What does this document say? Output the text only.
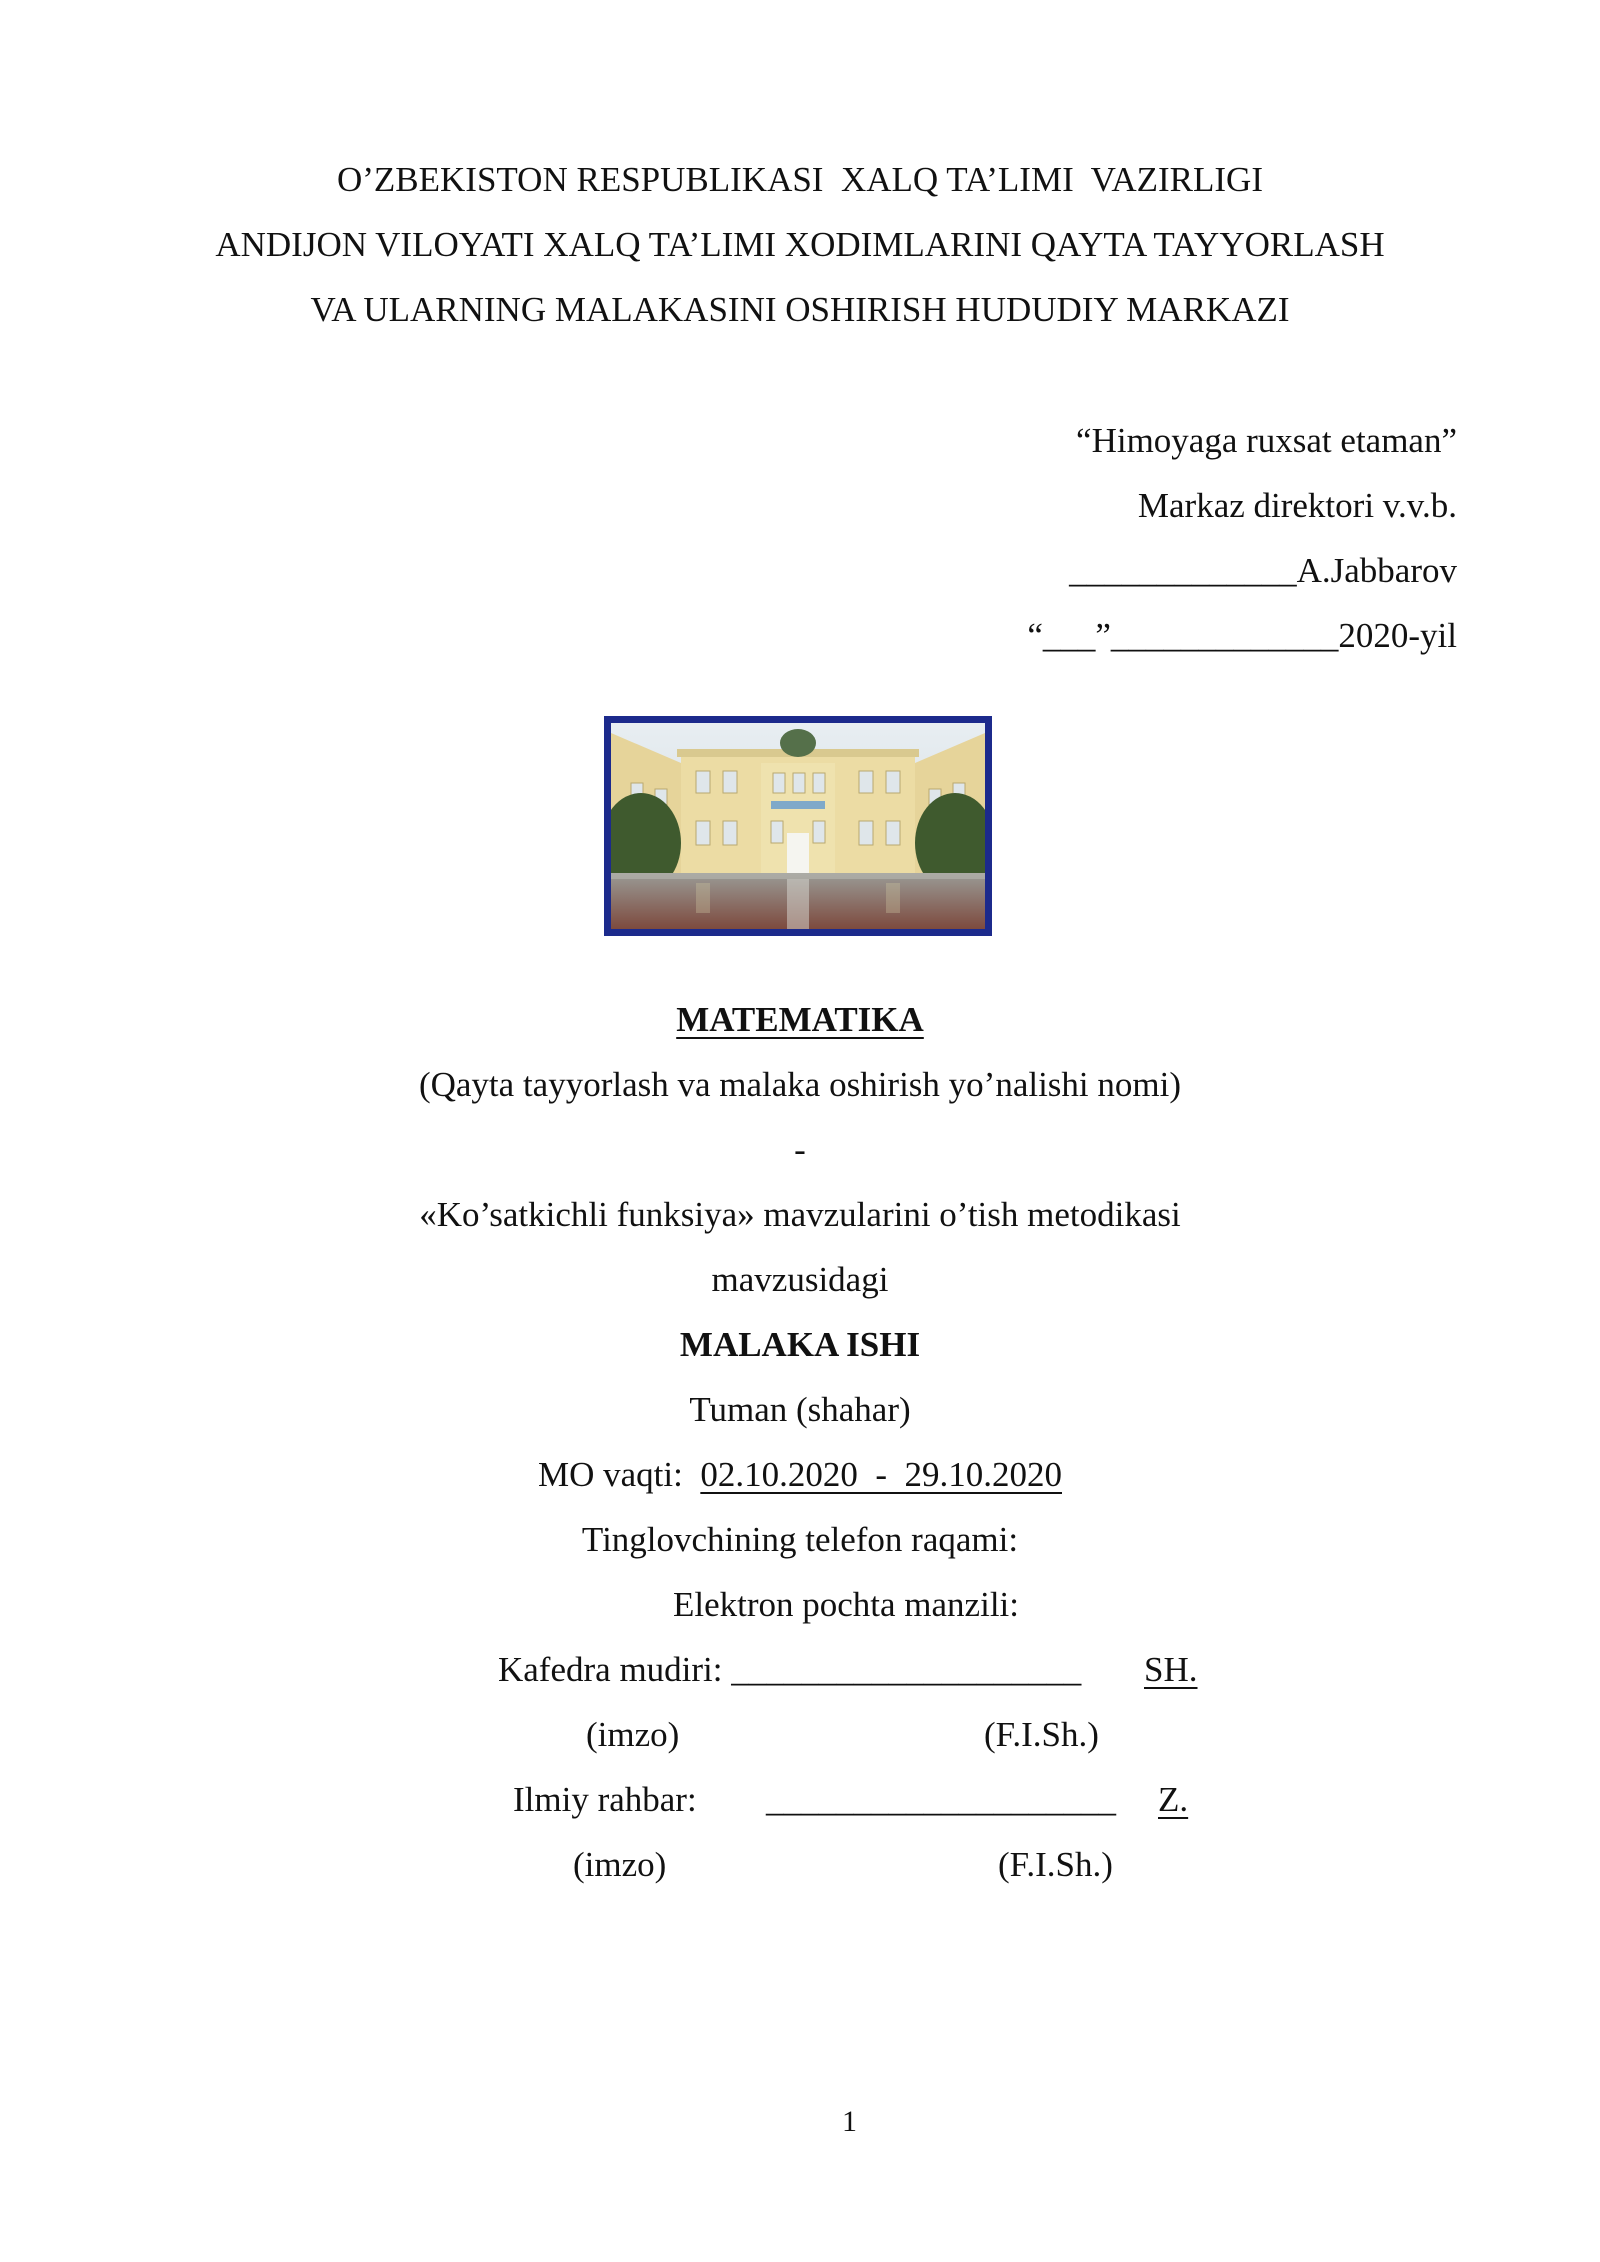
O’ZBEKISTON RESPUBLIKASI  XALQ TA’LIMI  VAZIRLIGI
ANDIJON VILOYATI XALQ TA’LIMI XODIMLARINI QAYTA TAYYORLASH
VA ULARNING MALAKASINI OSHIRISH HUDUDIY MARKAZI
“Himoyaga ruxsat etaman”
Markaz direktori v.v.b.
_____________A.Jabbarov
“___”_____________2020-yil
MATEMATIKA
(Qayta tayyorlash va malaka oshirish yo’nalishi nomi)
-
«Ko’satkichli funksiya» mavzularini o’tish metodikasi
mavzusidagi
MALAKA ISHI
Tuman (shahar)
MO vaqti:  02.10.2020  -  29.10.2020
Tinglovchining telefon raqami:
Elektron pochta manzili:
Kafedra mudiri: ____________________ SH.
(imzo)	(F.I.Sh.)
Ilmiy rahbar: ____________________ Z.
(imzo)	(F.I.Sh.)
1
